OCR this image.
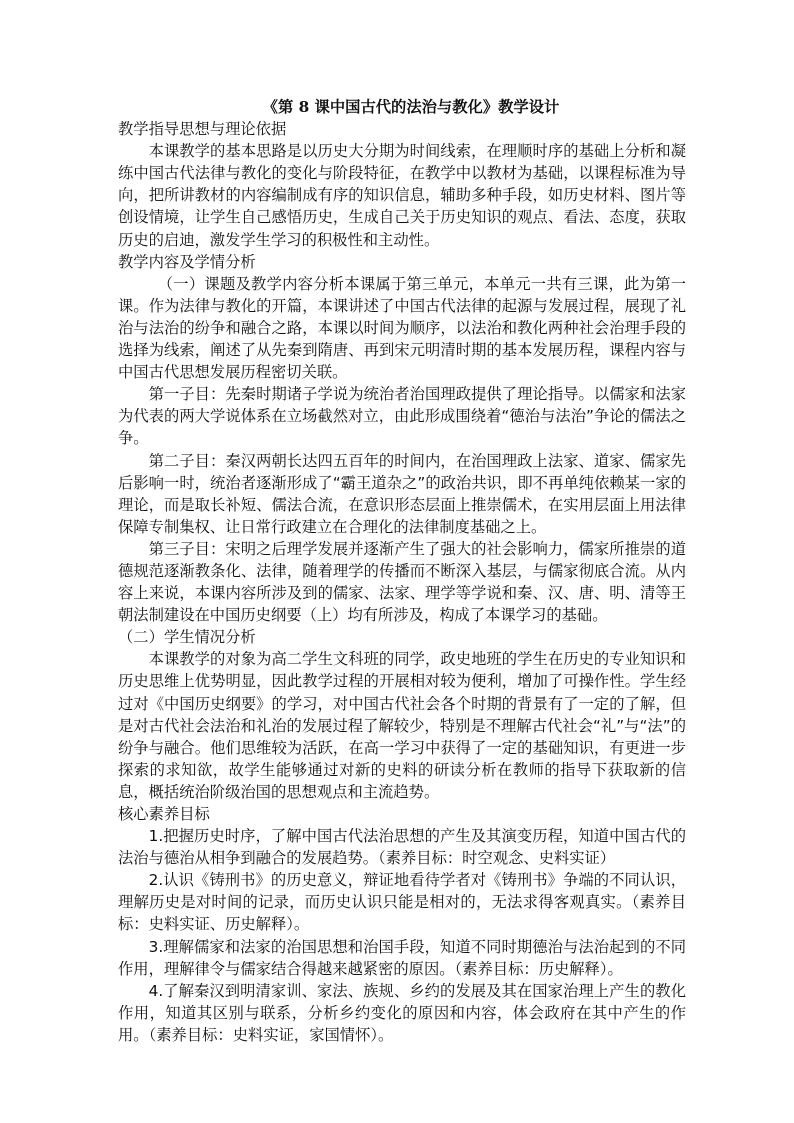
《第 8 课中国古代的法治与教化》教学设计

教学指导思想与理论依据

本课教学的基本思路是以历史大分期为时间线索，在理顺时序的基础上分析和凝练中国古代法律与教化的变化与阶段特征，在教学中以教材为基础，以课程标准为导向，把所讲教材的内容编制成有序的知识信息，辅助多种手段，如历史材料、图片等创设情境，让学生自己感悟历史，生成自己关于历史知识的观点、看法、态度，获取历史的启迪，激发学生学习的积极性和主动性。

教学内容及学情分析

（一）课题及教学内容分析本课属于第三单元，本单元一共有三课，此为第一课。作为法律与教化的开篇，本课讲述了中国古代法律的起源与发展过程，展现了礼治与法治的纷争和融合之路，本课以时间为顺序，以法治和教化两种社会治理手段的选择为线索，阐述了从先秦到隋唐、再到宋元明清时期的基本发展历程，课程内容与中国古代思想发展历程密切关联。

第一子目：先秦时期诸子学说为统治者治国理政提供了理论指导。以儒家和法家为代表的两大学说体系在立场截然对立，由此形成围绕着“德治与法治”争论的儒法之争。

第二子目：秦汉两朝长达四五百年的时间内，在治国理政上法家、道家、儒家先后影响一时，统治者逐渐形成了“霸王道杂之”的政治共识，即不再单纯依赖某一家的理论，而是取长补短、儒法合流，在意识形态层面上推崇儒术，在实用层面上用法律保障专制集权、让日常行政建立在合理化的法律制度基础之上。

第三子目：宋明之后理学发展并逐渐产生了强大的社会影响力，儒家所推崇的道德规范逐渐教条化、法律，随着理学的传播而不断深入基层，与儒家彻底合流。从内容上来说，本课内容所涉及到的儒家、法家、理学等学说和秦、汉、唐、明、清等王朝法制建设在中国历史纲要（上）均有所涉及，构成了本课学习的基础。

（二）学生情况分析

本课教学的对象为高二学生文科班的同学，政史地班的学生在历史的专业知识和历史思维上优势明显，因此教学过程的开展相对较为便利，增加了可操作性。学生经过对《中国历史纲要》的学习，对中国古代社会各个时期的背景有了一定的了解，但是对古代社会法治和礼治的发展过程了解较少，特别是不理解古代社会“礼”与“法”的纷争与融合。他们思维较为活跃，在高一学习中获得了一定的基础知识，有更进一步探索的求知欲，故学生能够通过对新的史料的研读分析在教师的指导下获取新的信息，概括统治阶级治国的思想观点和主流趋势。

核心素养目标

1.把握历史时序，了解中国古代法治思想的产生及其演变历程，知道中国古代的法治与德治从相争到融合的发展趋势。（素养目标：时空观念、史料实证）

2.认识《铸刑书》的历史意义，辩证地看待学者对《铸刑书》争端的不同认识，理解历史是对时间的记录，而历史认识只能是相对的，无法求得客观真实。（素养目标：史料实证、历史解释）。

3.理解儒家和法家的治国思想和治国手段，知道不同时期德治与法治起到的不同作用，理解律令与儒家结合得越来越紧密的原因。（素养目标：历史解释）。

4.了解秦汉到明清家训、家法、族规、乡约的发展及其在国家治理上产生的教化作用，知道其区别与联系，分析乡约变化的原因和内容，体会政府在其中产生的作用。（素养目标：史料实证，家国情怀）。
